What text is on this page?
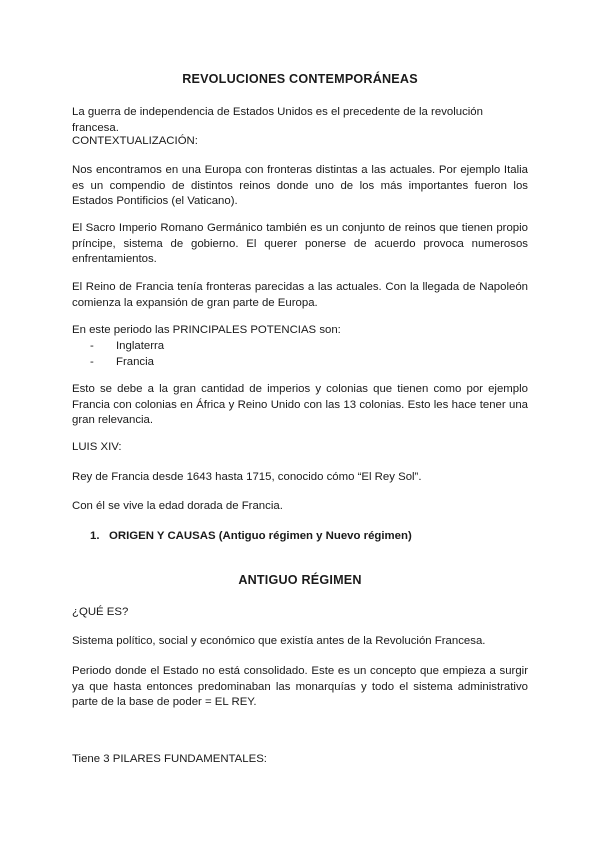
REVOLUCIONES CONTEMPORÁNEAS

La guerra de independencia de Estados Unidos es el precedente de la revolución francesa.

CONTEXTUALIZACIÓN:

Nos encontramos en una Europa con fronteras distintas a las actuales. Por ejemplo Italia es un compendio de distintos reinos donde uno de los más importantes fueron los Estados Pontificios (el Vaticano).

El Sacro Imperio Romano Germánico también es un conjunto de reinos que tienen propio príncipe, sistema de gobierno. El querer ponerse de acuerdo provoca numerosos enfrentamientos.

El Reino de Francia tenía fronteras parecidas a las actuales. Con la llegada de Napoleón comienza la expansión de gran parte de Europa.

En este periodo las PRINCIPALES POTENCIAS son:

- Inglaterra
- Francia

Esto se debe a la gran cantidad de imperios y colonias que tienen como por ejemplo Francia con colonias en África y Reino Unido con las 13 colonias. Esto les hace tener una gran relevancia.

LUIS XIV:

Rey de Francia desde 1643 hasta 1715, conocido cómo “El Rey Sol”.

Con él se vive la edad dorada de Francia.

1. ORIGEN Y CAUSAS (Antiguo régimen y Nuevo régimen)

ANTIGUO RÉGIMEN

¿QUÉ ES?

Sistema político, social y económico que existía antes de la Revolución Francesa.

Periodo donde el Estado no está consolidado. Este es un concepto que empieza a surgir ya que hasta entonces predominaban las monarquías y todo el sistema administrativo parte de la base de poder = EL REY.

Tiene 3 PILARES FUNDAMENTALES:
